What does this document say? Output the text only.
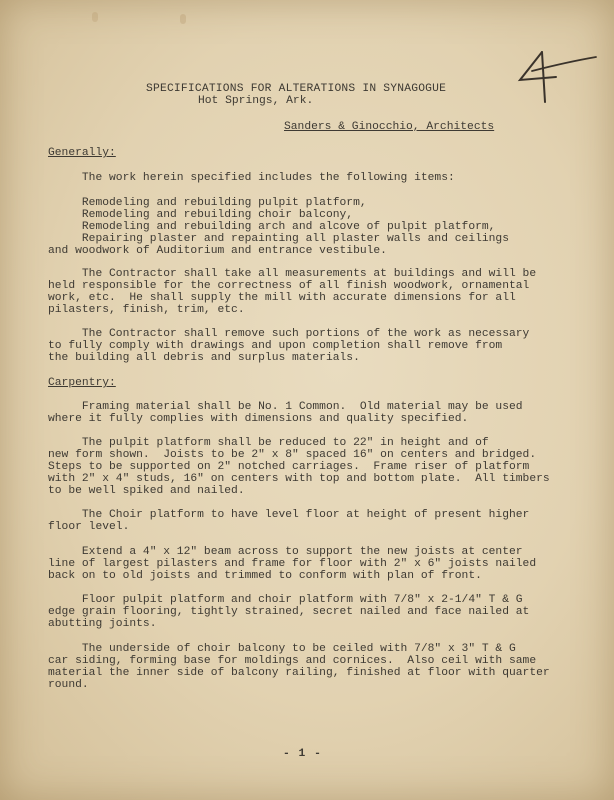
SPECIFICATIONS FOR ALTERATIONS IN SYNAGOGUE
Hot Springs, Ark.
Sanders & Ginocchio, Architects
Generally:
The work herein specified includes the following items:
Remodeling and rebuilding pulpit platform,
Remodeling and rebuilding choir balcony,
Remodeling and rebuilding arch and alcove of pulpit platform,
Repairing plaster and repainting all plaster walls and ceilings
and woodwork of Auditorium and entrance vestibule.
The Contractor shall take all measurements at buildings and will be
held responsible for the correctness of all finish woodwork, ornamental
work, etc.  He shall supply the mill with accurate dimensions for all
pilasters, finish, trim, etc.
The Contractor shall remove such portions of the work as necessary
to fully comply with drawings and upon completion shall remove from
the building all debris and surplus materials.
Carpentry:
Framing material shall be No. 1 Common.  Old material may be used
where it fully complies with dimensions and quality specified.
The pulpit platform shall be reduced to 22" in height and of
new form shown.  Joists to be 2" x 8" spaced 16" on centers and bridged.
Steps to be supported on 2" notched carriages.  Frame riser of platform
with 2" x 4" studs, 16" on centers with top and bottom plate.  All timbers
to be well spiked and nailed.
The Choir platform to have level floor at height of present higher
floor level.
Extend a 4" x 12" beam across to support the new joists at center
line of largest pilasters and frame for floor with 2" x 6" joists nailed
back on to old joists and trimmed to conform with plan of front.
Floor pulpit platform and choir platform with 7/8" x 2-1/4" T & G
edge grain flooring, tightly strained, secret nailed and face nailed at
abutting joints.
The underside of choir balcony to be ceiled with 7/8" x 3" T & G
car siding, forming base for moldings and cornices.  Also ceil with same
material the inner side of balcony railing, finished at floor with quarter
round.
- 1 -
